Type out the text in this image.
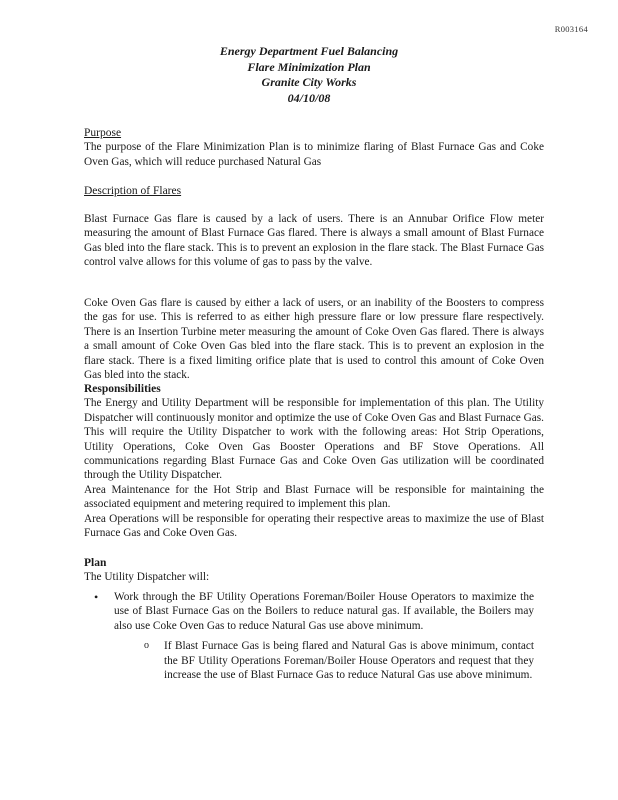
R003164
Energy Department Fuel Balancing
Flare Minimization Plan
Granite City Works
04/10/08
Purpose
The purpose of the Flare Minimization Plan is to minimize flaring of Blast Furnace Gas and Coke Oven Gas, which will reduce purchased Natural Gas
Description of Flares
Blast Furnace Gas flare is caused by a lack of users. There is an Annubar Orifice Flow meter measuring the amount of Blast Furnace Gas flared. There is always a small amount of Blast Furnace Gas bled into the flare stack. This is to prevent an explosion in the flare stack. The Blast Furnace Gas control valve allows for this volume of gas to pass by the valve.
Coke Oven Gas flare is caused by either a lack of users, or an inability of the Boosters to compress the gas for use. This is referred to as either high pressure flare or low pressure flare respectively. There is an Insertion Turbine meter measuring the amount of Coke Oven Gas flared. There is always a small amount of Coke Oven Gas bled into the flare stack. This is to prevent an explosion in the flare stack. There is a fixed limiting orifice plate that is used to control this amount of Coke Oven Gas bled into the stack.
Responsibilities
The Energy and Utility Department will be responsible for implementation of this plan. The Utility Dispatcher will continuously monitor and optimize the use of Coke Oven Gas and Blast Furnace Gas. This will require the Utility Dispatcher to work with the following areas: Hot Strip Operations, Utility Operations, Coke Oven Gas Booster Operations and BF Stove Operations. All communications regarding Blast Furnace Gas and Coke Oven Gas utilization will be coordinated through the Utility Dispatcher.
Area Maintenance for the Hot Strip and Blast Furnace will be responsible for maintaining the associated equipment and metering required to implement this plan.
Area Operations will be responsible for operating their respective areas to maximize the use of Blast Furnace Gas and Coke Oven Gas.
Plan
The Utility Dispatcher will:
• Work through the BF Utility Operations Foreman/Boiler House Operators to maximize the use of Blast Furnace Gas on the Boilers to reduce natural gas. If available, the Boilers may also use Coke Oven Gas to reduce Natural Gas use above minimum.
o If Blast Furnace Gas is being flared and Natural Gas is above minimum, contact the BF Utility Operations Foreman/Boiler House Operators and request that they increase the use of Blast Furnace Gas to reduce Natural Gas use above minimum.
